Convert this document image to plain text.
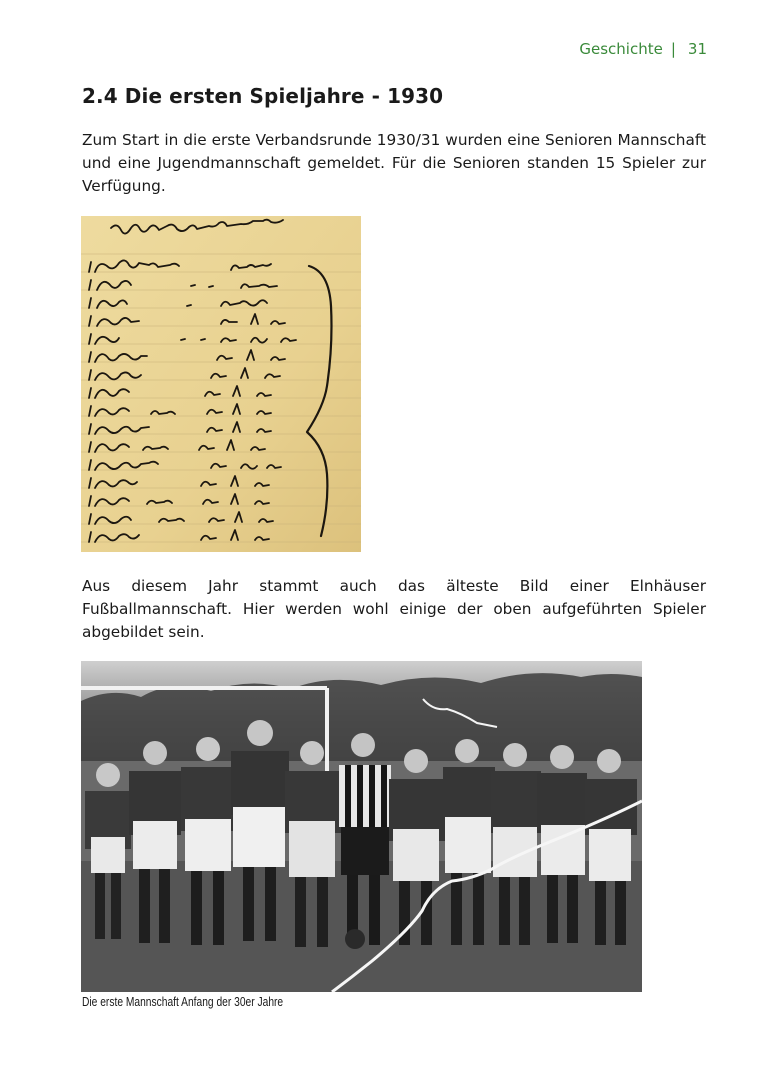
Geschichte | 31
2.4 Die ersten Spieljahre - 1930

Zum Start in die erste Verbandsrunde 1930/31 wurden eine Senioren Mannschaft und eine Jugendmannschaft gemeldet. Für die Senioren standen 15 Spieler zur Verfügung.

Aus diesem Jahr stammt auch das älteste Bild einer Elnhäuser Fußballmannschaft. Hier werden wohl einige der oben aufgeführten Spieler abgebildet sein.

Die erste Mannschaft Anfang der 30er Jahre
